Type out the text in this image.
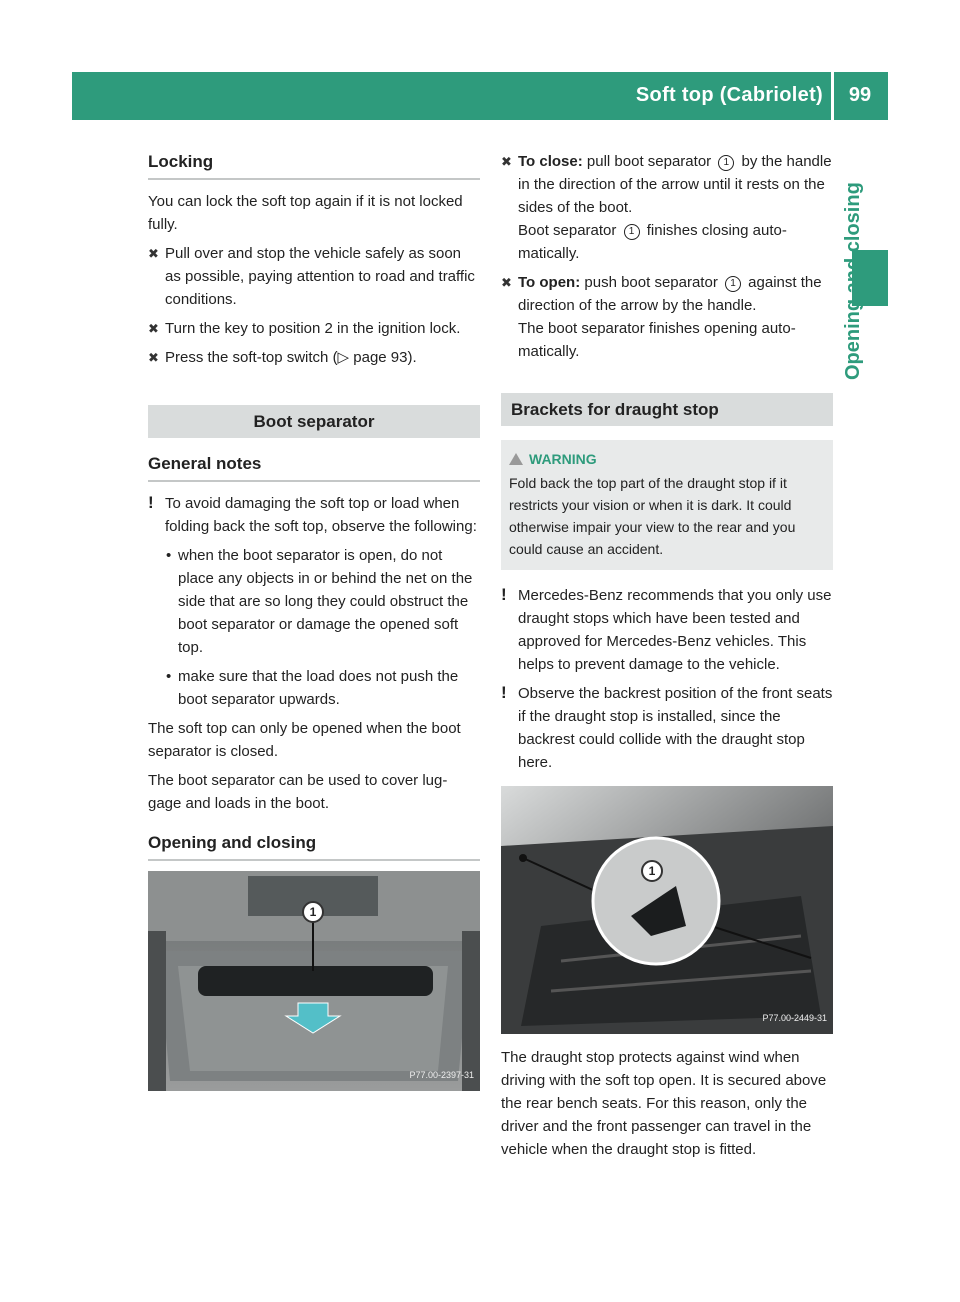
Soft top (Cabriolet)	99
Opening and closing
Locking

You can lock the soft top again if it is not locked fully.

✖ Pull over and stop the vehicle safely as soon as possible, paying attention to road and traffic conditions.
✖ Turn the key to position 2 in the ignition lock.
✖ Press the soft-top switch (▷ page 93).
Boot separator
General notes
! To avoid damaging the soft top or load when folding back the soft top, observe the following:
• when the boot separator is open, do not place any objects in or behind the net on the side that are so long they could obstruct the boot separator or damage the opened soft top.
• make sure that the load does not push the boot separator upwards.

The soft top can only be opened when the boot separator is closed.

The boot separator can be used to cover lug-gage and loads in the boot.

Opening and closing
1
P77.00-2397-31
✖ To close: pull boot separator 1 by the handle in the direction of the arrow until it rests on the sides of the boot.
Boot separator 1 finishes closing auto-matically.
✖ To open: push boot separator 1 against the direction of the arrow by the handle.
The boot separator finishes opening auto-matically.
Brackets for draught stop
WARNING
Fold back the top part of the draught stop if it restricts your vision or when it is dark. It could otherwise impair your view to the rear and you could cause an accident.
! Mercedes-Benz recommends that you only use draught stops which have been tested and approved for Mercedes-Benz vehicles. This helps to prevent damage to the vehicle.
! Observe the backrest position of the front seats if the draught stop is installed, since the backrest could collide with the draught stop here.
1
P77.00-2449-31

The draught stop protects against wind when driving with the soft top open. It is secured above the rear bench seats. For this reason, only the driver and the front passenger can travel in the vehicle when the draught stop is fitted.
